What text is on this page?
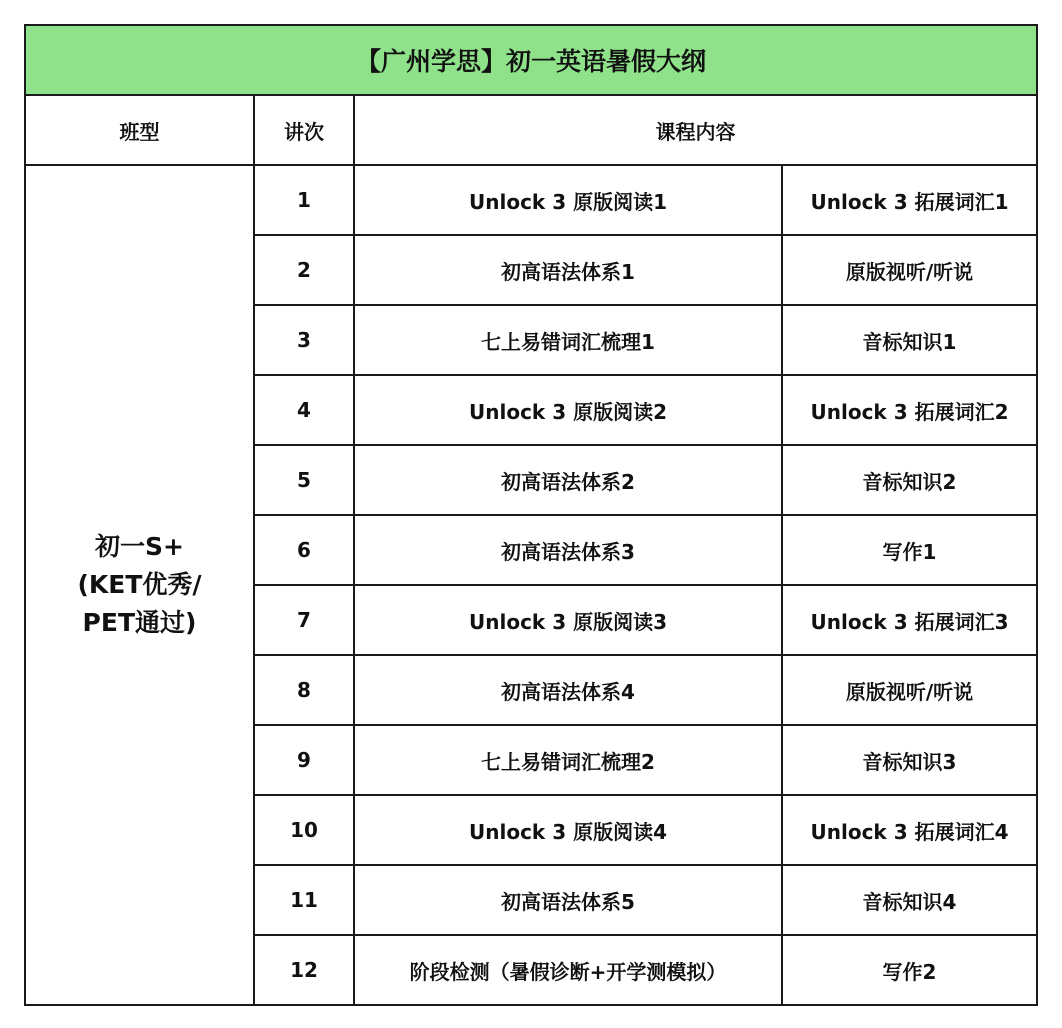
【广州学思】初一英语暑假大纲			
班型	讲次	课程内容	

初一S+
(KET优秀/
PET通过)	1	Unlock 3 原版阅读1	Unlock 3 拓展词汇1
	2	初高语法体系1	原版视听/听说
	3	七上易错词汇梳理1	音标知识1
	4	Unlock 3 原版阅读2	Unlock 3 拓展词汇2
	5	初高语法体系2	音标知识2
	6	初高语法体系3	写作1
	7	Unlock 3 原版阅读3	Unlock 3 拓展词汇3
	8	初高语法体系4	原版视听/听说
	9	七上易错词汇梳理2	音标知识3
	10	Unlock 3 原版阅读4	Unlock 3 拓展词汇4
	11	初高语法体系5	音标知识4
	12	阶段检测（暑假诊断+开学测模拟）	写作2
